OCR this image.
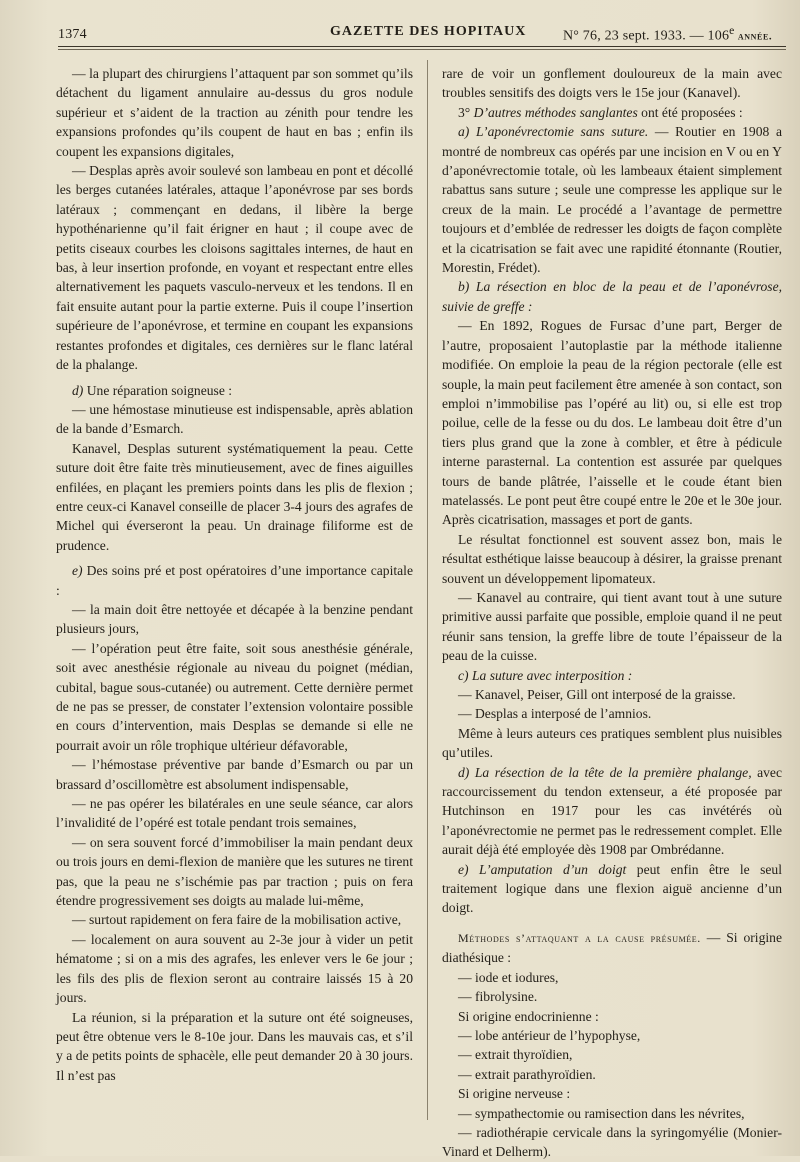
1374	GAZETTE DES HOPITAUX	N° 76, 23 sept. 1933. — 106e année.

— la plupart des chirurgiens l’attaquent par son sommet qu’ils détachent du ligament annulaire au-dessus du gros nodule supérieur et s’aident de la traction au zénith pour tendre les expansions profondes qu’ils coupent de haut en bas ; enfin ils coupent les expansions digitales,

— Desplas après avoir soulevé son lambeau en pont et décollé les berges cutanées latérales, attaque l’aponévrose par ses bords latéraux ; commençant en dedans, il libère la berge hypothénarienne qu’il fait érigner en haut ; il coupe avec de petits ciseaux courbes les cloisons sagittales internes, de haut en bas, à leur insertion profonde, en voyant et respectant entre elles alternativement les paquets vasculo-nerveux et les tendons. Il en fait ensuite autant pour la partie externe. Puis il coupe l’insertion supérieure de l’aponévrose, et termine en coupant les expansions restantes profondes et digitales, ces dernières sur le flanc latéral de la phalange.

d) Une réparation soigneuse :

— une hémostase minutieuse est indispensable, après ablation de la bande d’Esmarch.

Kanavel, Desplas suturent systématiquement la peau. Cette suture doit être faite très minutieusement, avec de fines aiguilles enfilées, en plaçant les premiers points dans les plis de flexion ; entre ceux-ci Kanavel conseille de placer 3-4 jours des agrafes de Michel qui éverseront la peau. Un drainage filiforme est de prudence.

e) Des soins pré et post opératoires d’une importance capitale :

— la main doit être nettoyée et décapée à la benzine pendant plusieurs jours,

— l’opération peut être faite, soit sous anesthésie générale, soit avec anesthésie régionale au niveau du poignet (médian, cubital, bague sous-cutanée) ou autrement. Cette dernière permet de ne pas se presser, de constater l’extension volontaire possible en cours d’intervention, mais Desplas se demande si elle ne pourrait avoir un rôle trophique ultérieur défavorable,

— l’hémostase préventive par bande d’Esmarch ou par un brassard d’oscillomètre est absolument indispensable,

— ne pas opérer les bilatérales en une seule séance, car alors l’invalidité de l’opéré est totale pendant trois semaines,

— on sera souvent forcé d’immobiliser la main pendant deux ou trois jours en demi-flexion de manière que les sutures ne tirent pas, que la peau ne s’ischémie pas par traction ; puis on fera étendre progressivement ses doigts au malade lui-même,

— surtout rapidement on fera faire de la mobilisation active,

— localement on aura souvent au 2-3e jour à vider un petit hématome ; si on a mis des agrafes, les enlever vers le 6e jour ; les fils des plis de flexion seront au contraire laissés 15 à 20 jours.

La réunion, si la préparation et la suture ont été soigneuses, peut être obtenue vers le 8-10e jour. Dans les mauvais cas, et s’il y a de petits points de sphacèle, elle peut demander 20 à 30 jours. Il n’est pas

rare de voir un gonflement douloureux de la main avec troubles sensitifs des doigts vers le 15e jour (Kanavel).

3° D’autres méthodes sanglantes ont été proposées :

a) L’aponévrectomie sans suture. — Routier en 1908 a montré de nombreux cas opérés par une incision en V ou en Y d’aponévrectomie totale, où les lambeaux étaient simplement rabattus sans suture ; seule une compresse les applique sur le creux de la main. Le procédé a l’avantage de permettre toujours et d’emblée de redresser les doigts de façon complète et la cicatrisation se fait avec une rapidité étonnante (Routier, Morestin, Frédet).

b) La résection en bloc de la peau et de l’aponévrose, suivie de greffe :

— En 1892, Rogues de Fursac d’une part, Berger de l’autre, proposaient l’autoplastie par la méthode italienne modifiée. On emploie la peau de la région pectorale (elle est souple, la main peut facilement être amenée à son contact, son emploi n’immobilise pas l’opéré au lit) ou, si elle est trop poilue, celle de la fesse ou du dos. Le lambeau doit être d’un tiers plus grand que la zone à combler, et être à pédicule interne parasternal. La contention est assurée par quelques tours de bande plâtrée, l’aisselle et le coude étant bien matelassés. Le pont peut être coupé entre le 20e et le 30e jour. Après cicatrisation, massages et port de gants.

Le résultat fonctionnel est souvent assez bon, mais le résultat esthétique laisse beaucoup à désirer, la graisse prenant souvent un développement lipomateux.

— Kanavel au contraire, qui tient avant tout à une suture primitive aussi parfaite que possible, emploie quand il ne peut réunir sans tension, la greffe libre de toute l’épaisseur de la peau de la cuisse.

c) La suture avec interposition :

— Kanavel, Peiser, Gill ont interposé de la graisse.

— Desplas a interposé de l’amnios.

Même à leurs auteurs ces pratiques semblent plus nuisibles qu’utiles.

d) La résection de la tête de la première phalange, avec raccourcissement du tendon extenseur, a été proposée par Hutchinson en 1917 pour les cas invétérés où l’aponévrectomie ne permet pas le redressement complet. Elle aurait déjà été employée dès 1908 par Ombrédanne.

e) L’amputation d’un doigt peut enfin être le seul traitement logique dans une flexion aiguë ancienne d’un doigt.

Méthodes s’attaquant a la cause présumée. — Si origine diathésique :

— iode et iodures,

— fibrolysine.

Si origine endocrinienne :

— lobe antérieur de l’hypophyse,

— extrait thyroïdien,

— extrait parathyroïdien.

Si origine nerveuse :

— sympathectomie ou ramisection dans les névrites,

— radiothérapie cervicale dans la syringomyélie (Monier-Vinard et Delherm).
